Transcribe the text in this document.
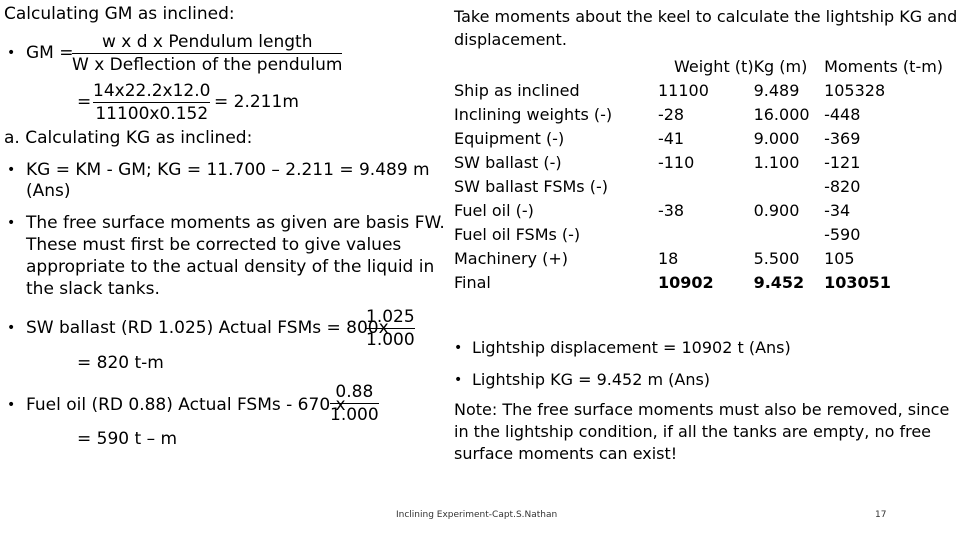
Calculating GM as inclined:
• GM =
w x d x Pendulum length
W x Deflection of the pendulum
=
14x22.2x12.0
11100x0.152
= 2.211m
a. Calculating KG as inclined:
• KG = KM - GM; KG = 11.700 – 2.211 = 9.489 m
(Ans)
• The free surface moments as given are basis FW.
These must first be corrected to give values
appropriate to the actual density of the liquid in
the slack tanks.
• SW ballast (RD 1.025) Actual FSMs = 800x
1.025
1.000
= 820 t-m
• Fuel oil (RD 0.88) Actual FSMs - 670 x
0.88
1.000
= 590 t – m
Take moments about the keel to calculate the lightship KG and
displacement.
	Weight (t)	Kg (m)	Moments (t-m)
Ship as inclined	11100	9.489	105328
Inclining weights (-)	-28	16.000	-448
Equipment (-)	-41	9.000	-369
SW ballast (-)	-110	1.100	-121
SW ballast FSMs (-)			-820
Fuel oil (-)	-38	0.900	-34
Fuel oil FSMs (-)			-590
Machinery (+)	18	5.500	105
Final	10902	9.452	103051
• Lightship displacement = 10902 t (Ans)
• Lightship KG = 9.452 m (Ans)
Note: The free surface moments must also be removed, since
in the lightship condition, if all the tanks are empty, no free
surface moments can exist!
Inclining Experiment-Capt.S.Nathan	17
